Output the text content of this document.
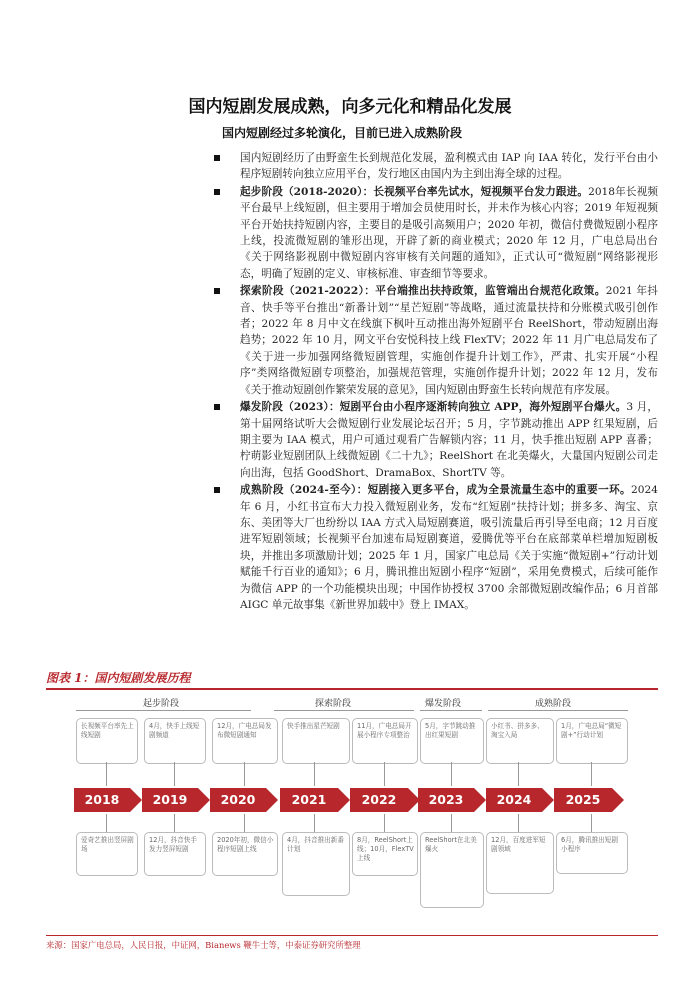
国内短剧发展成熟，向多元化和精品化发展
国内短剧经过多轮演化，目前已进入成熟阶段
国内短剧经历了由野蛮生长到规范化发展，盈利模式由 IAP 向 IAA 转化，发行平台由小程序短剧转向独立应用平台，发行地区由国内为主到出海全球的过程。
起步阶段（2018-2020）：长视频平台率先试水，短视频平台发力跟进。2018年长视频平台最早上线短剧，但主要用于增加会员使用时长，并未作为核心内容；2019 年短视频平台开始扶持短剧内容，主要目的是吸引高频用户；2020 年初，微信付费微短剧小程序上线，投流微短剧的雏形出现，开辟了新的商业模式；2020 年 12 月，广电总局出台《关于网络影视剧中微短剧内容审核有关问题的通知》，正式认可“微短剧”网络影视形态，明确了短剧的定义、审核标准、审查细节等要求。
探索阶段（2021-2022）：平台端推出扶持政策，监管端出台规范化政策。2021 年抖音、快手等平台推出“新番计划”“星芒短剧”等战略，通过流量扶持和分账模式吸引创作者；2022 年 8 月中文在线旗下枫叶互动推出海外短剧平台 ReelShort，带动短剧出海趋势；2022 年 10 月，网文平台安悦科技上线 FlexTV；2022 年 11 月广电总局发布了《关于进一步加强网络微短剧管理，实施创作提升计划工作》，严肃、扎实开展“小程序”类网络微短剧专项整治，加强规范管理，实施创作提升计划；2022 年 12 月，发布《关于推动短剧创作繁荣发展的意见》，国内短剧由野蛮生长转向规范有序发展。
爆发阶段（2023）：短剧平台由小程序逐渐转向独立 APP，海外短剧平台爆火。3 月，第十届网络试听大会微短剧行业发展论坛召开；5 月，字节跳动推出 APP 红果短剧，后期主要为 IAA 模式，用户可通过观看广告解锁内容；11 月，快手推出短剧 APP 喜番；柠萌影业短剧团队上线微短剧《二十九》；ReelShort 在北美爆火，大量国内短剧公司走向出海，包括 GoodShort、DramaBox、ShortTV 等。
成熟阶段（2024-至今）：短剧接入更多平台，成为全景流量生态中的重要一环。2024 年 6 月，小红书宣布大力投入微短剧业务，发布“红短剧”扶持计划；拼多多、淘宝、京东、美团等大厂也纷纷以 IAA 方式入局短剧赛道，吸引流量后再引导至电商；12 月百度进军短剧领域；长视频平台加速布局短剧赛道，爱腾优等平台在底部菜单栏增加短剧板块，并推出多项激励计划；2025 年 1 月，国家广电总局《关于实施“微短剧+”行动计划赋能千行百业的通知》；6 月，腾讯推出短剧小程序“短剧”，采用免费模式，后续可能作为微信 APP 的一个功能模块出现；中国作协授权 3700 余部微短剧改编作品；6 月首部 AIGC 单元故事集《新世界加载中》登上 IMAX。
图表 1：国内短剧发展历程
起步阶段	探索阶段	爆发阶段	成熟阶段
长视频平台率先上线短剧
4月，快手上线短剧频道
12月，广电总局发布微短剧通知
快手推出星芒短剧	11月，广电总局开展小程序专项整治
5月，字节跳动推出红果短剧
小红书、拼多多、淘宝入局
1月，广电总局“微短剧+”行动计划
2018	2019	2020	2021	2022	2023	2024	2025
爱奇艺推出竖屏剧场
12月，抖音快手发力竖屏短剧
2020年初，微信小程序短剧上线
4月，抖音推出新番计划
8月，ReelShort上线；10月，FlexTV上线
ReelShort在北美爆火
12月，百度进军短剧领域
6月，腾讯推出短剧小程序
来源：国家广电总局，人民日报，中证网，Bianews 鞭牛士等，中泰证券研究所整理
